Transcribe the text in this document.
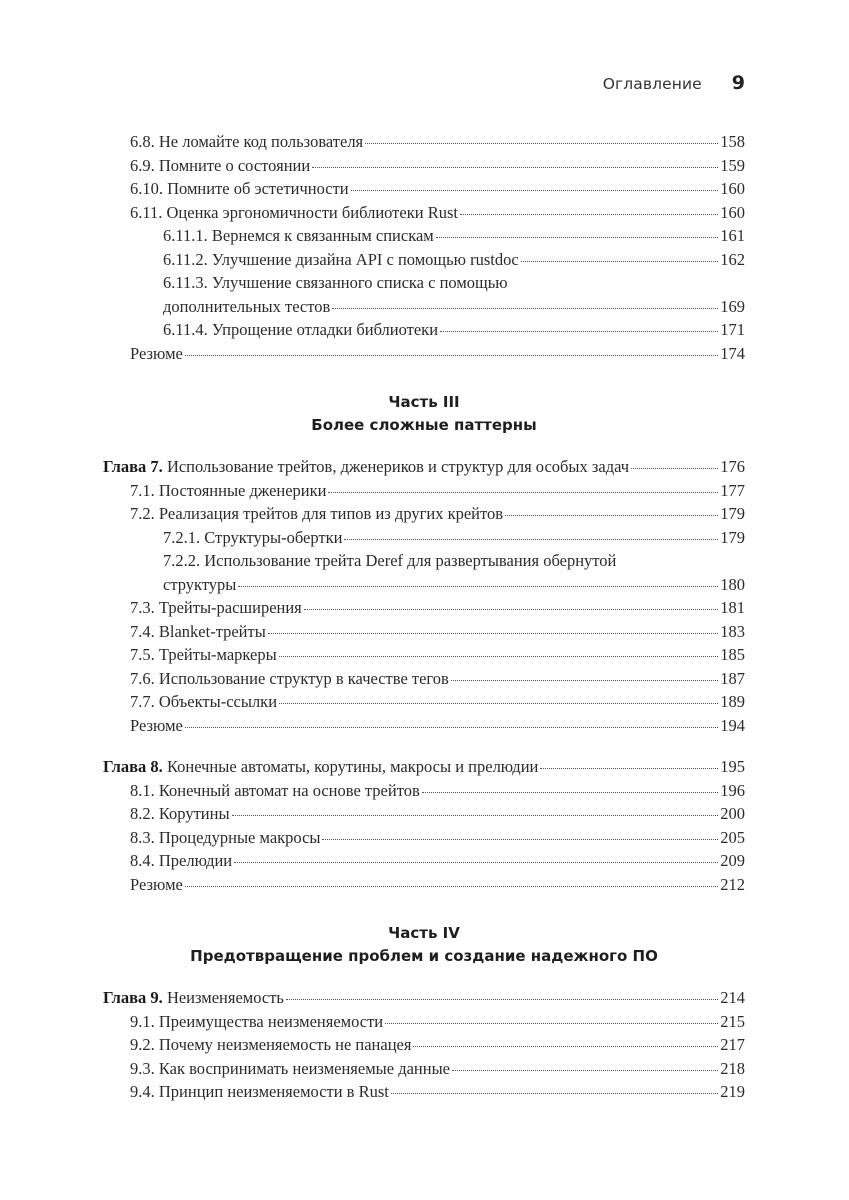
Оглавление 9
6.8. Не ломайте код пользователя	158
6.9. Помните о состоянии	159
6.10. Помните об эстетичности	160
6.11. Оценка эргономичности библиотеки Rust	160
6.11.1. Вернемся к связанным спискам	161
6.11.2. Улучшение дизайна API с помощью rustdoc	162
6.11.3. Улучшение связанного списка с помощью
дополнительных тестов	169
6.11.4. Упрощение отладки библиотеки	171
Резюме	174
Часть III
Более сложные паттерны
Глава 7. Использование трейтов, дженериков и структур для особых задач	176
7.1. Постоянные дженерики	177
7.2. Реализация трейтов для типов из других крейтов	179
7.2.1. Структуры-обертки	179
7.2.2. Использование трейта Deref для развертывания обернутой
структуры	180
7.3. Трейты-расширения	181
7.4. Blanket-трейты	183
7.5. Трейты-маркеры	185
7.6. Использование структур в качестве тегов	187
7.7. Объекты-ссылки	189
Резюме	194
Глава 8. Конечные автоматы, корутины, макросы и прелюдии	195
8.1. Конечный автомат на основе трейтов	196
8.2. Корутины	200
8.3. Процедурные макросы	205
8.4. Прелюдии	209
Резюме	212
Часть IV
Предотвращение проблем и создание надежного ПО
Глава 9. Неизменяемость	214
9.1. Преимущества неизменяемости	215
9.2. Почему неизменяемость не панацея	217
9.3. Как воспринимать неизменяемые данные	218
9.4. Принцип неизменяемости в Rust	219
